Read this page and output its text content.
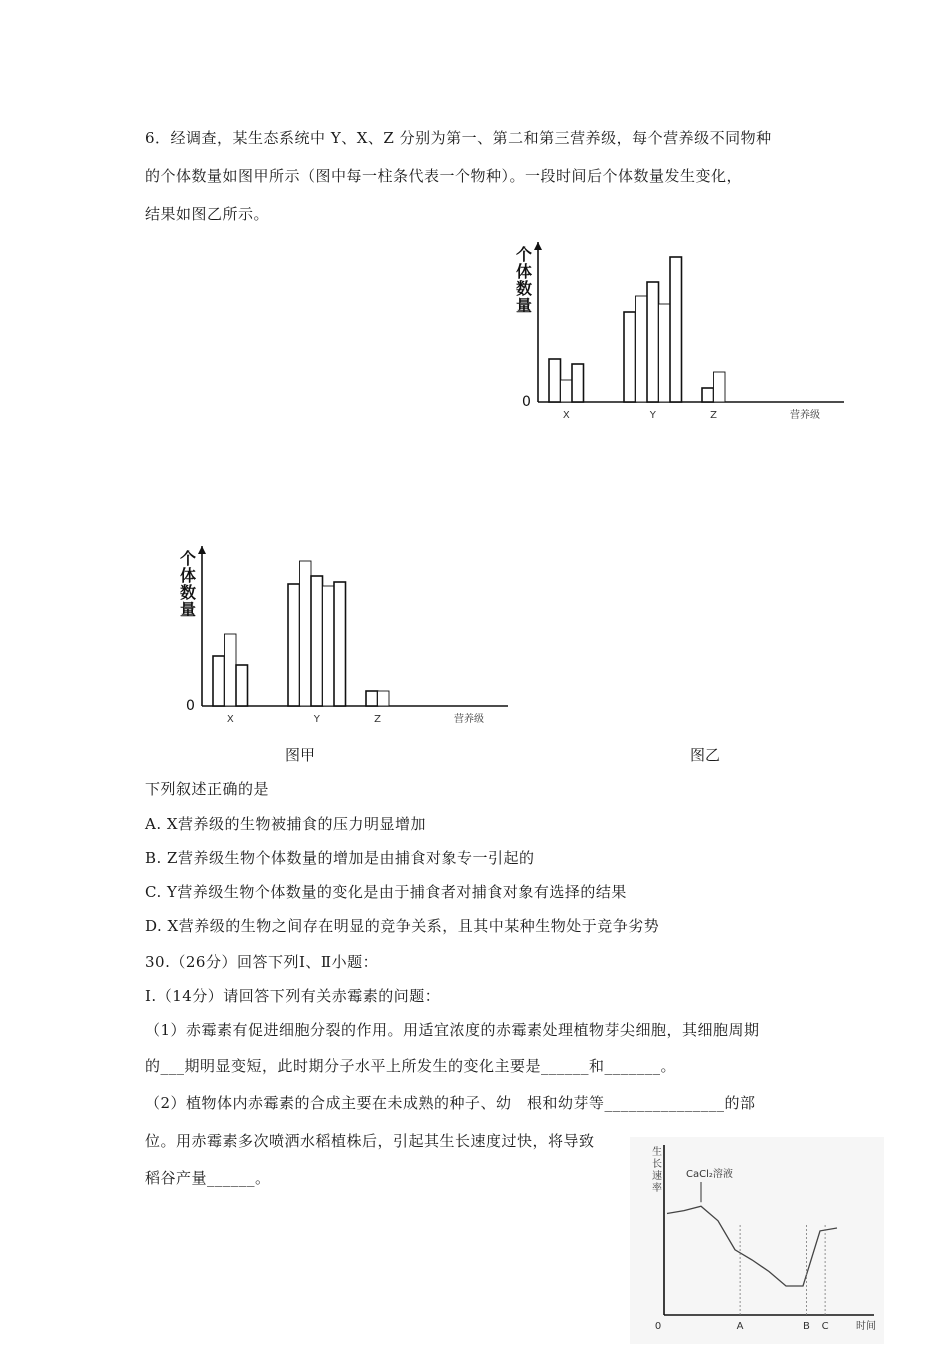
6．经调查，某生态系统中 Y、X、Z 分别为第一、第二和第三营养级，每个营养级不同物种
的个体数量如图甲所示（图中每一柱条代表一个物种）。一段时间后个体数量发生变化，
结果如图乙所示。
0
个
体
数
量
X	Y	Z	营养级
0
个
体
数
量
X	Y	Z	营养级
图甲	图乙
下列叙述正确的是
A. X营养级的生物被捕食的压力明显增加
B. Z营养级生物个体数量的增加是由捕食对象专一引起的
C. Y营养级生物个体数量的变化是由于捕食者对捕食对象有选择的结果
D. X营养级的生物之间存在明显的竞争关系，且其中某种生物处于竞争劣势
30.（26分）回答下列Ⅰ、Ⅱ小题：
Ⅰ.（14分）请回答下列有关赤霉素的问题：
（1）赤霉素有促进细胞分裂的作用。用适宜浓度的赤霉素处理植物芽尖细胞，其细胞周期
的___期明显变短，此时期分子水平上所发生的变化主要是______和_______。
（2）植物体内赤霉素的合成主要在未成熟的种子、幼　根和幼芽等_______________的部
位。用赤霉素多次喷洒水稻植株后，引起其生长速度过快，将导致
稻谷产量______。
生
长
速
率
时间
CaCl₂溶液
0	A	B C
